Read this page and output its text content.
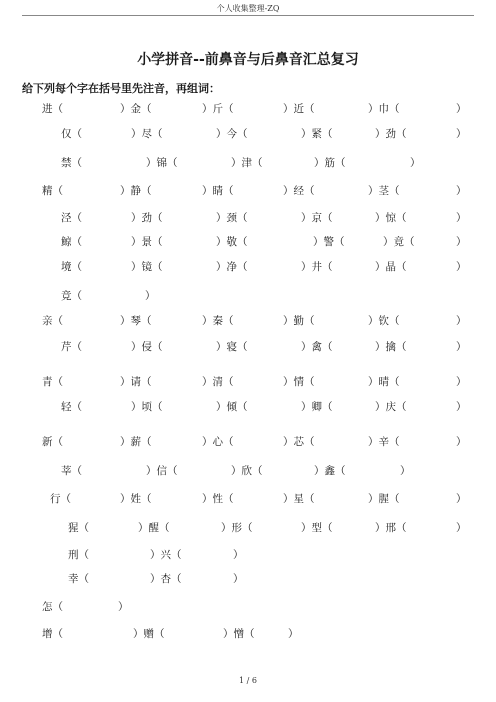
个人收集整理-ZQ
小学拼音--前鼻音与后鼻音汇总复习
给下列每个字在括号里先注音，再组词：
进（	）金（	）斤（	）近（	）巾（	）
仅（	）尽（	）今（	）紧（	）劲（	）
禁（	）锦（	）津（	）筋（	）
精（	）静（	）睛（	）经（	）茎（	）
泾（	）劲（	）颈（	）京（	）惊（	）
鲸（	）景（	）敬（	）警（	）竟（	）
境（	）镜（	）净（	）井（	）晶（	）
竞（	）
亲（	）琴（	）秦（	）勤（	）钦（	）
芹（	）侵（	）寝（	）禽（	）擒（	）
青（	）请（	）清（	）情（	）晴（	）
轻（	）顷（	）倾（	）卿（	）庆（	）
新（	）薪（	）心（	）芯（	）辛（	）
莘（	）信（	）欣（	）鑫（	）
行（	）姓（	）性（	）星（	）腥（	）
猩（	）醒（	）形（	）型（	）邢（	）
刑（	）兴（	）
幸（	）杏（	）
怎（	）
增（	）赠（	）憎（	）
1 / 6
